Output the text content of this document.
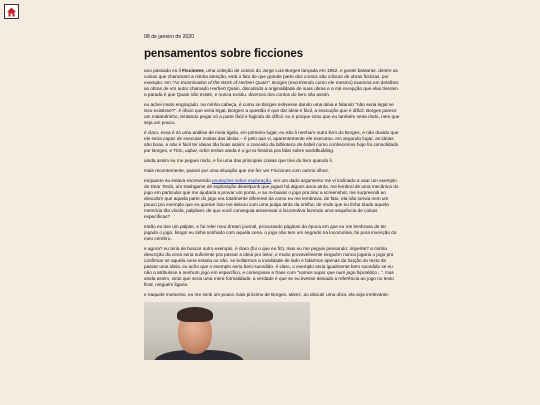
08 de janeiro de 2020
pensamentos sobre ficciones

ano passado eu li Ficciones, uma coleção de contos do Jorge Luis Borges lançada em 1962. e gostei bastante. dentre as coisas que chamaram a minha atenção, está o fato de que grande parte dos contos são críticas de obras fictícias. por exemplo: em "An Examination of the Work of Herbert Quain", Borges (escrevendo como ele mesmo) examina em detalhes as obras de um autor chamado Herbert Quain, discutindo a originalidade de suas obras e a má recepção que elas tiveram. a parada é que Quain não existe, e nunca existiu. diversos dos contos do livro são assim.

eu achei muito engraçado. na minha cabeça, é como se Borges estivesse dando uma ideia e falando "não seria legal se isso existisse?". é óbvio que seria legal, Borges! a questão é que dar ideia é fácil, a execução que é difícil. Borges parece um malandrinho, tentando pegar só a parte fácil e fugindo da difícil. eu ri porque sinto que eu também seria rindo, nem que seja um pouco.

é claro, essa é só uma análise de meia tigela, em primeiro lugar, eu não li nenhum outro livro do Borges, e não duvido que ele seria capaz de executar muitas das ideias – é pelo que vi, aparentemente ele executou. em segundo lugar, as ideias são boas, e não é fácil ter ideias tão boas assim: o conceito da biblioteca de babel como conhecemos hoje foi consolidado por Borges, e Tlön, uqbar, orbis tertius ainda é o go-to história pra falar sobre worldbuilding.

ainda assim eu me peguei rindo, e foi uma das principais coisas que tirei do livro quando li.

mais recentemente, passei por uma situação que me fez ver Ficciones com outros olhos.

enquanto eu estava escrevendo anotações sobre exploração, em um dado argumento me vi inclinado a usar um exemplo de Dear Tesla, um trashgame de exploração dieselpunk que joguei há alguns anos atrás. me lembrei de uma mecânica do jogo em particular que me ajudaria a provar um ponto, e ao re-baixar o jogo pra tirar a screenshot, me surpreendi ao descobrir que aquela parte do jogo era totalmente diferente da como eu me lembrava. de fato, ela não servia nem um pouco pro exemplo que eu queria! isso me deixou com uma pulga atrás da orelha: de onde que eu tinha tirado aquela memória tão vívida, palpável, de que você conseguia atravessar a locomotiva fazendo uma sequência de coisas específicas?

então eu tive um palpite, e fui reler meu dream journal, procurando páginas da época em que eu me lembrava de ter jogado o jogo. bingo! eu tinha sonhado com aquela cena. o jogo não tem um segredo na locomotiva, foi pura invenção do meu cérebro.

e agora? eu teria de buscar outro exemplo, é claro (foi o que eu fiz). mas eu me peguei pensando: imperite? a minha descrição da cena seria suficiente pra passar a ideia pro leitor, e muito provavelmente ninguém nunca jogaria o jogo pra confirmar se aquela cena estaria ou não. se bollarmos a invalidade de lado e falarmos apenas da função do texto de passar uma ideia, eu acho que o exemplo seria bem sucedido. é claro, o exemplo seria igualmente bem sucedido se eu não o atribuísse a nenhum jogo em específico, e começasse a frase com "vamos supor que num jogo hipotético...". mas ainda assim, sinto que seria uma mera formalidade. a verdade é que se eu tivesse deixado a referência ao jogo no texto final, ninguém ligaria.

e naquele momento, eu me senti um pouco mais próximo de Borges. talvez, ao discutir uma obra, ela seja irrelevante.
